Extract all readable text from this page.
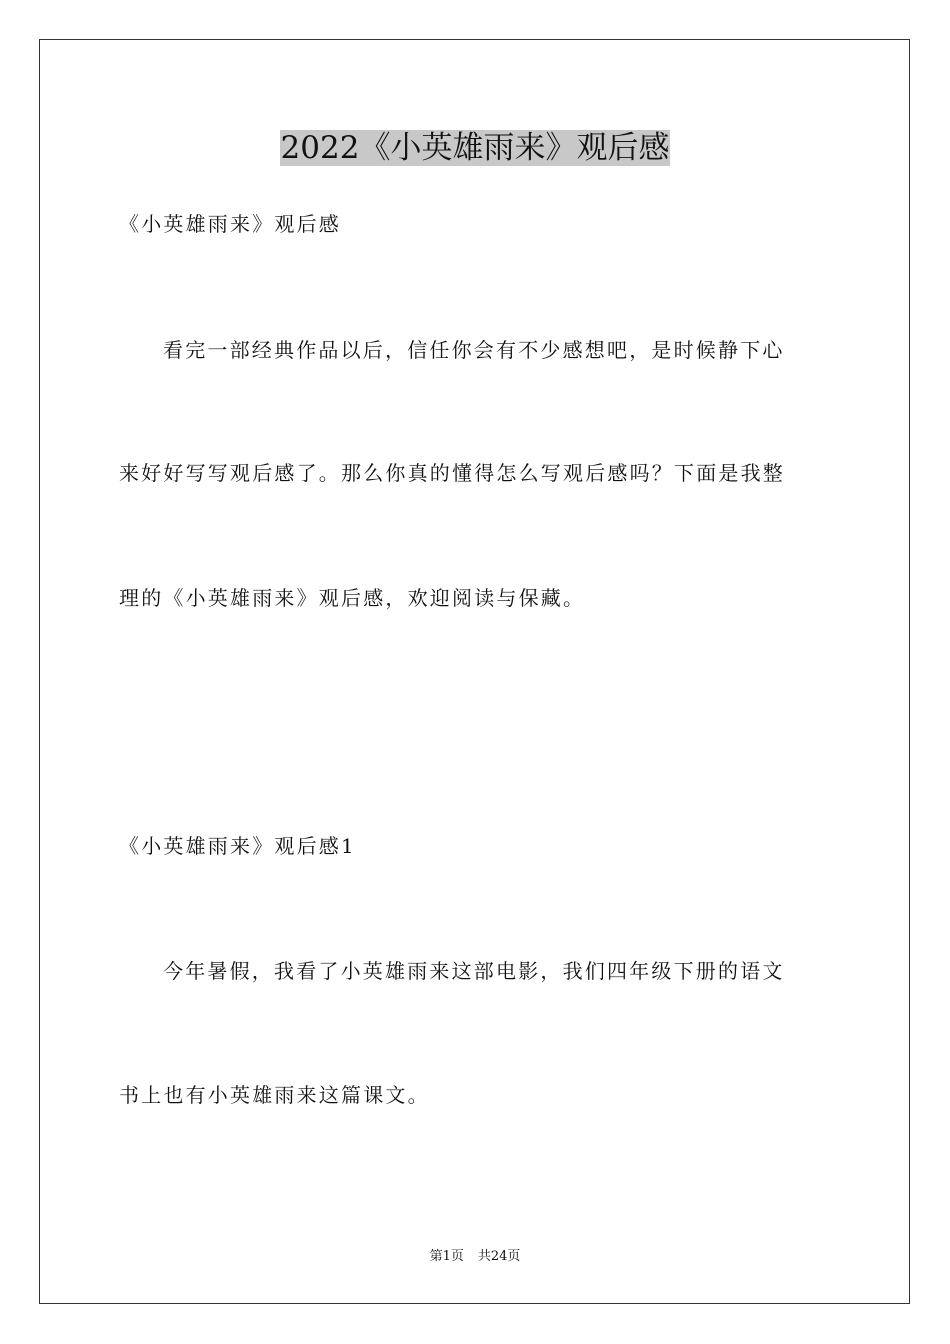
2022《小英雄雨来》观后感

《小英雄雨来》观后感

看完一部经典作品以后，信任你会有不少感想吧，是时候静下心

来好好写写观后感了。那么你真的懂得怎么写观后感吗？下面是我整

理的《小英雄雨来》观后感，欢迎阅读与保藏。

《小英雄雨来》观后感1

今年暑假，我看了小英雄雨来这部电影，我们四年级下册的语文

书上也有小英雄雨来这篇课文。

第1页 共24页
